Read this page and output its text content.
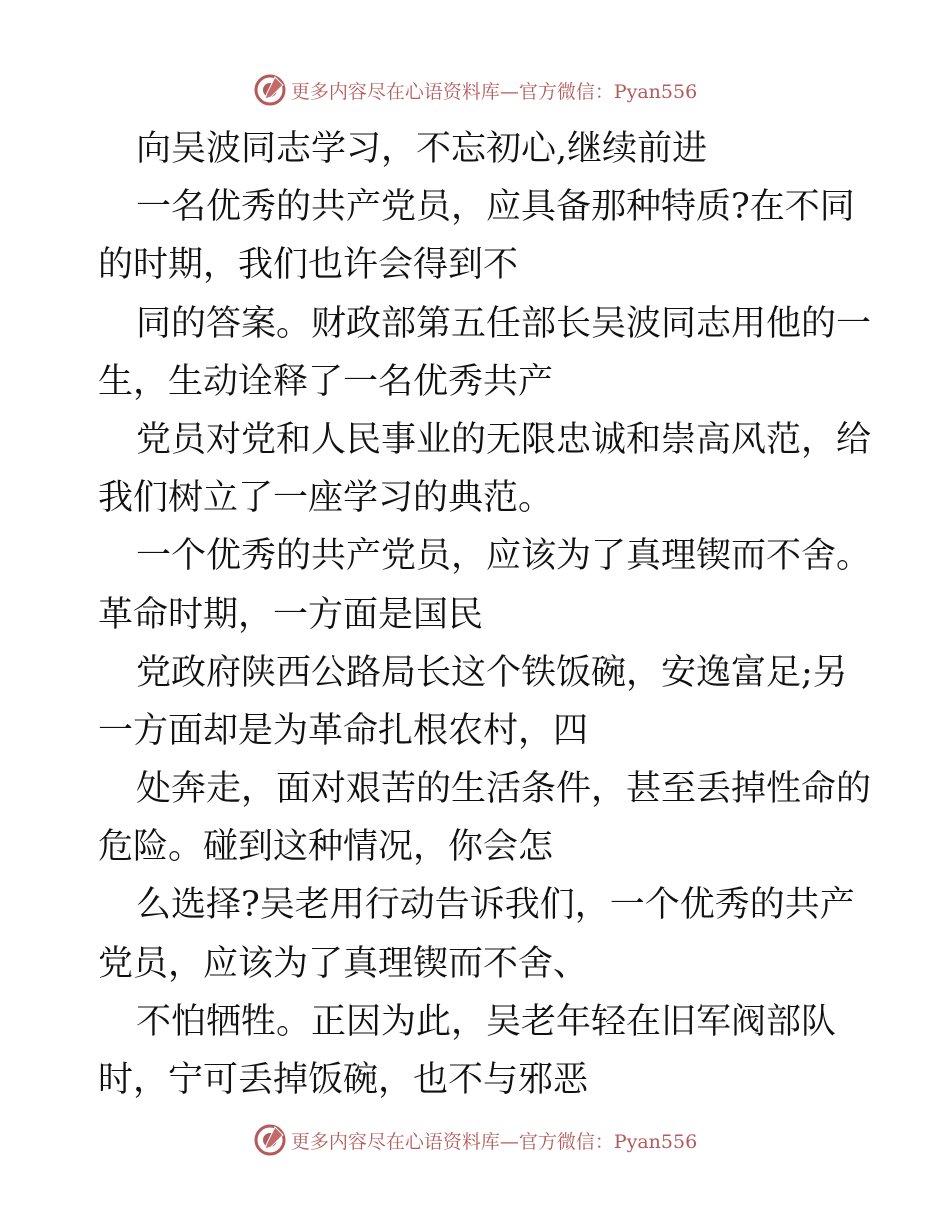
更多内容尽在心语资料库—官方微信：Pyan556
向吴波同志学习，不忘初心,继续前进
一名优秀的共产党员，应具备那种特质?在不同
的时期，我们也许会得到不
同的答案。财政部第五任部长吴波同志用他的一
生，生动诠释了一名优秀共产
党员对党和人民事业的无限忠诚和崇高风范，给
我们树立了一座学习的典范。
一个优秀的共产党员，应该为了真理锲而不舍。
革命时期，一方面是国民
党政府陕西公路局长这个铁饭碗，安逸富足;另
一方面却是为革命扎根农村，四
处奔走，面对艰苦的生活条件，甚至丢掉性命的
危险。碰到这种情况，你会怎
么选择?吴老用行动告诉我们，一个优秀的共产
党员，应该为了真理锲而不舍、
不怕牺牲。正因为此，吴老年轻在旧军阀部队
时，宁可丢掉饭碗，也不与邪恶
更多内容尽在心语资料库—官方微信：Pyan556
